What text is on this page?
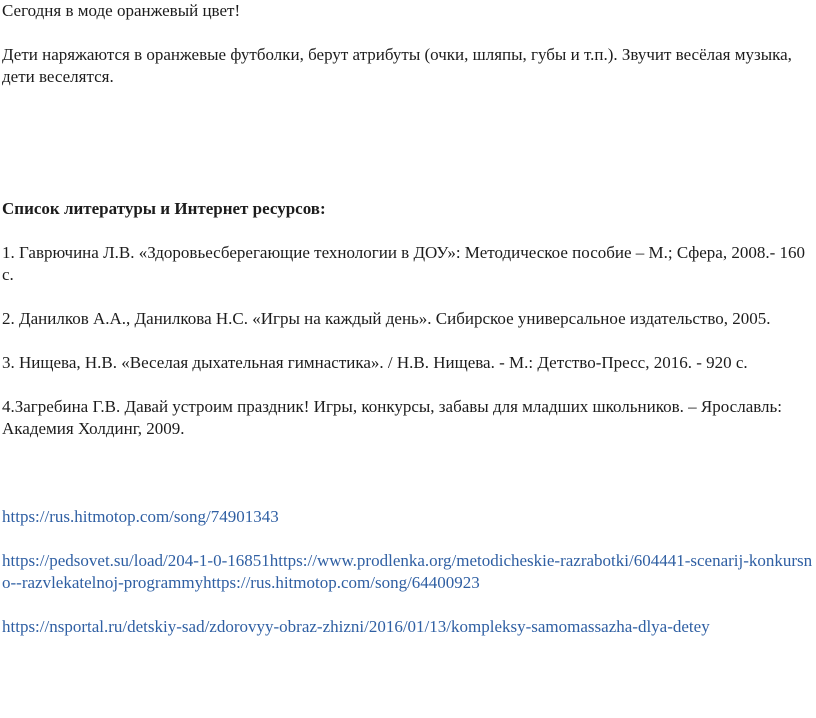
Сегодня в моде оранжевый цвет!

Дети наряжаются в оранжевые футболки, берут атрибуты (очки, шляпы, губы и т.п.). Звучит весёлая музыка, дети веселятся.

Список литературы и Интернет ресурсов:

1. Гаврючина Л.В. «Здоровьесберегающие технологии в ДОУ»: Методическое пособие – М.; Сфера, 2008.- 160 с.

2. Данилков А.А., Данилкова Н.С. «Игры на каждый день». Сибирское универсальное издательство, 2005.

3. Нищева, Н.В. «Веселая дыхательная гимнастика». / Н.В. Нищева. - М.: Детство-Пресс, 2016. - 920 с.

4.Загребина Г.В. Давай устроим праздник! Игры, конкурсы, забавы для младших школьников. – Ярославль: Академия Холдинг, 2009.

https://rus.hitmotop.com/song/74901343

https://pedsovet.su/load/204-1-0-16851https://www.prodlenka.org/metodicheskie-razrabotki/604441-scenarij-konkursno--razvlekatelnoj-programmyhttps://rus.hitmotop.com/song/64400923

https://nsportal.ru/detskiy-sad/zdorovyy-obraz-zhizni/2016/01/13/kompleksy-samomassazha-dlya-detey
